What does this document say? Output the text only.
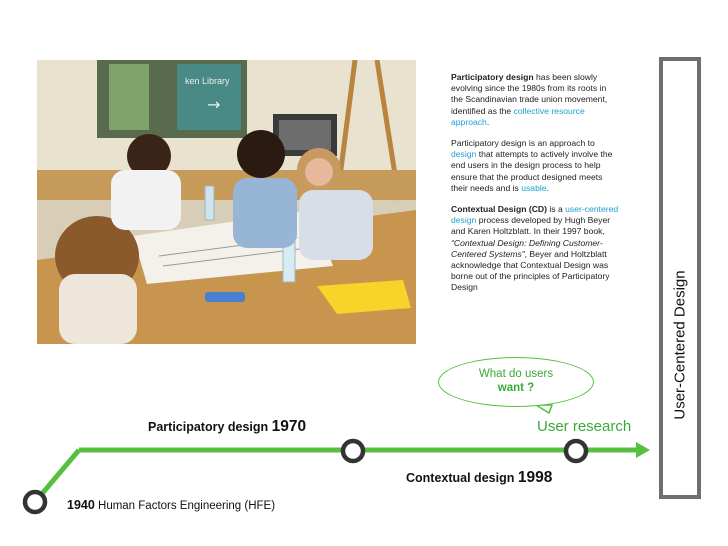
ken Library
→

Participatory design has been slowly evolving since the 1980s from its roots in the Scandinavian trade union movement, identified as the collective resource approach.

Participatory design is an approach to design that attempts to actively involve the end users in the design process to help ensure that the product designed meets their needs and is usable.

Contextual Design (CD) is a user-centered design process developed by Hugh Beyer and Karen Holtzblatt. In their 1997 book, “Contextual Design: Defining Customer-Centered Systems”, Beyer and Holtzblatt acknowledge that Contextual Design was borne out of the principles of Participatory Design	User-Centered Design
What do users
want ?
Participatory design 1970
Contextual design 1998
User research
1940 Human Factors Engineering (HFE)
